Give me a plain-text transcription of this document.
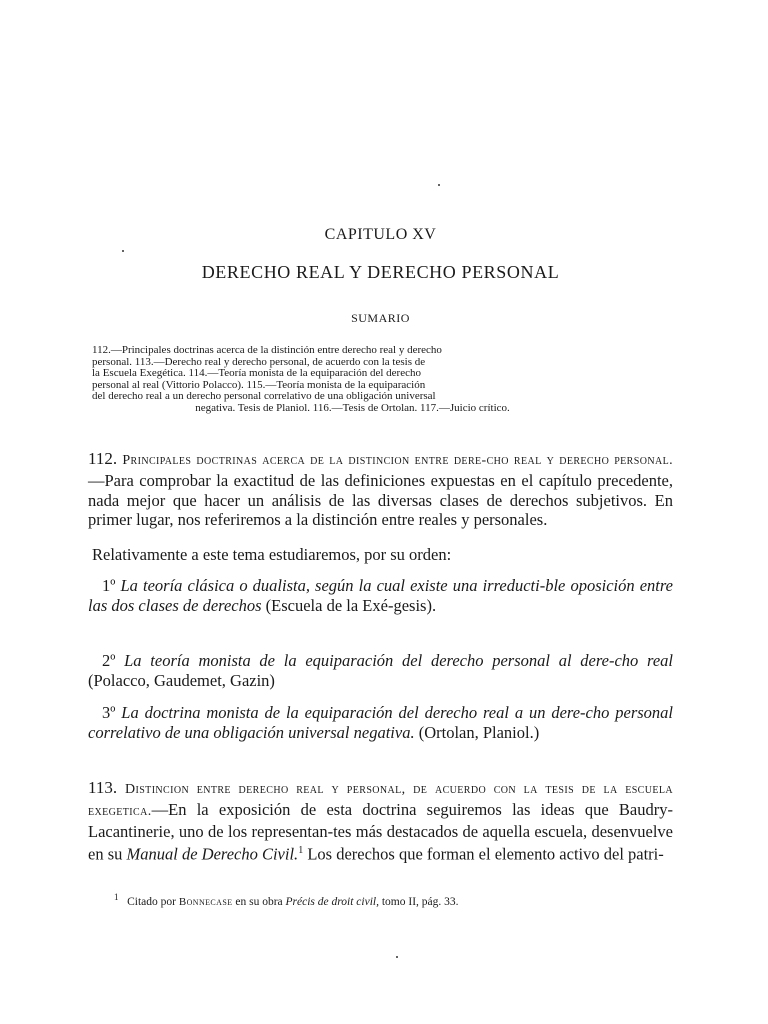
CAPITULO XV
DERECHO REAL Y DERECHO PERSONAL
SUMARIO
112.—Principales doctrinas acerca de la distinción entre derecho real y derecho
personal. 113.—Derecho real y derecho personal, de acuerdo con la tesis de
la Escuela Exegética. 114.—Teoría monista de la equiparación del derecho
personal al real (Vittorio Polacco). 115.—Teoría monista de la equiparación
del derecho real a un derecho personal correlativo de una obligación universal
negativa. Tesis de Planiol. 116.—Tesis de Ortolan. 117.—Juicio crítico.
112. Principales doctrinas acerca de la distincion entre dere-cho real y derecho personal.—Para comprobar la exactitud de las definiciones expuestas en el capítulo precedente, nada mejor que hacer un análisis de las diversas clases de derechos subjetivos. En primer lugar, nos referiremos a la distinción entre reales y personales.
Relativamente a este tema estudiaremos, por su orden:
1º La teoría clásica o dualista, según la cual existe una irreducti-ble oposición entre las dos clases de derechos (Escuela de la Exé-gesis).
2º La teoría monista de la equiparación del derecho personal al dere-cho real (Polacco, Gaudemet, Gazin)
3º La doctrina monista de la equiparación del derecho real a un dere-cho personal correlativo de una obligación universal negativa. (Ortolan, Planiol.)
113. Distincion entre derecho real y personal, de acuerdo con la tesis de la escuela exegetica.—En la exposición de esta doctrina seguiremos las ideas que Baudry-Lacantinerie, uno de los representan-tes más destacados de aquella escuela, desenvuelve en su Manual de Derecho Civil.$^1$ Los derechos que forman el elemento activo del patri-
$^1$ Citado por Bonnecase en su obra Précis de droit civil, tomo II, pág. 33.
